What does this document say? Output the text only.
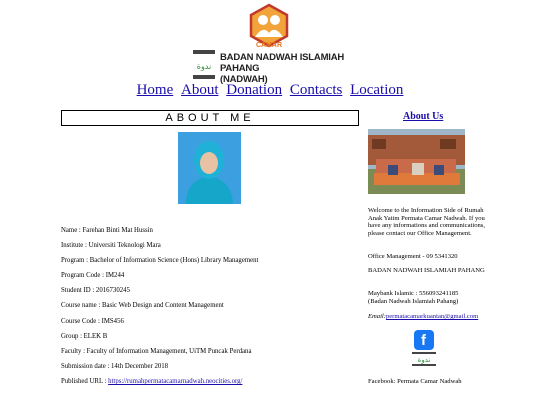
CAMAR
ندوة
BADAN NADWAH ISLAMIAH PAHANG
(NADWAH)
Home About Donation Contacts Location
ABOUT ME
Name : Farehan Binti Mat Hussin
Institute : Universiti Teknologi Mara
Program : Bachelor of Information Science (Hons) Library Management
Program Code : IM244
Student ID : 2016730245
Course name : Basic Web Design and Content Management
Course Code : IMS456
Group : ELEK B
Faculty : Faculty of Information Management, UiTM Puncak Perdana
Submission date : 14th December 2018
Published URL : https://rumahpermatacamarnadwah.neocities.org/
About Us
Welcome to the Information Side of Rumah Anak Yatim Permata Camar Nadwah. If you have any informations and communications, please contact our Office Management.
Office Management - 09 5341320
BADAN NADWAH ISLAMIAH PAHANG
Maybank Islamic : 556093241185
(Badan Nadwah Islamiah Pahang)
Email:permatacamarkuantan@gmail.com
f
ندوة
Facebook: Permata Camar Nadwah
